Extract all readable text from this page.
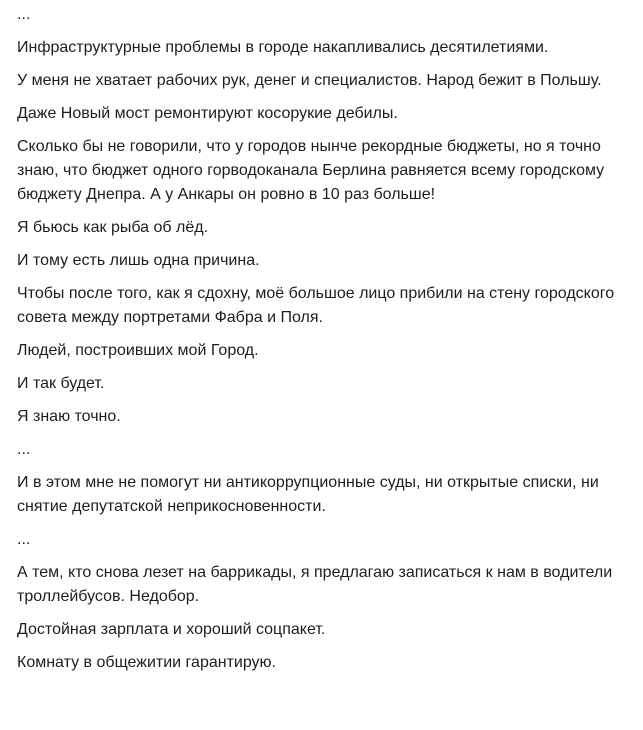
...

Инфраструктурные проблемы в городе накапливались десятилетиями.

У меня не хватает рабочих рук, денег и специалистов. Народ бежит в Польшу.

Даже Новый мост ремонтируют косорукие дебилы.

Сколько бы не говорили, что у городов нынче рекордные бюджеты, но я точно знаю, что бюджет одного горводоканала Берлина равняется всему городскому бюджету Днепра. А у Анкары он ровно в 10 раз больше!

Я бьюсь как рыба об лёд.

И тому есть лишь одна причина.

Чтобы после того, как я сдохну, моё большое лицо прибили на стену городского совета между портретами Фабра и Поля.

Людей, построивших мой Город.

И так будет.

Я знаю точно.

...

И в этом мне не помогут ни антикоррупционные суды, ни открытые списки, ни снятие депутатской неприкосновенности.

...

А тем, кто снова лезет на баррикады, я предлагаю записаться к нам в водители троллейбусов. Недобор.

Достойная зарплата и хороший соцпакет.

Комнату в общежитии гарантирую.
